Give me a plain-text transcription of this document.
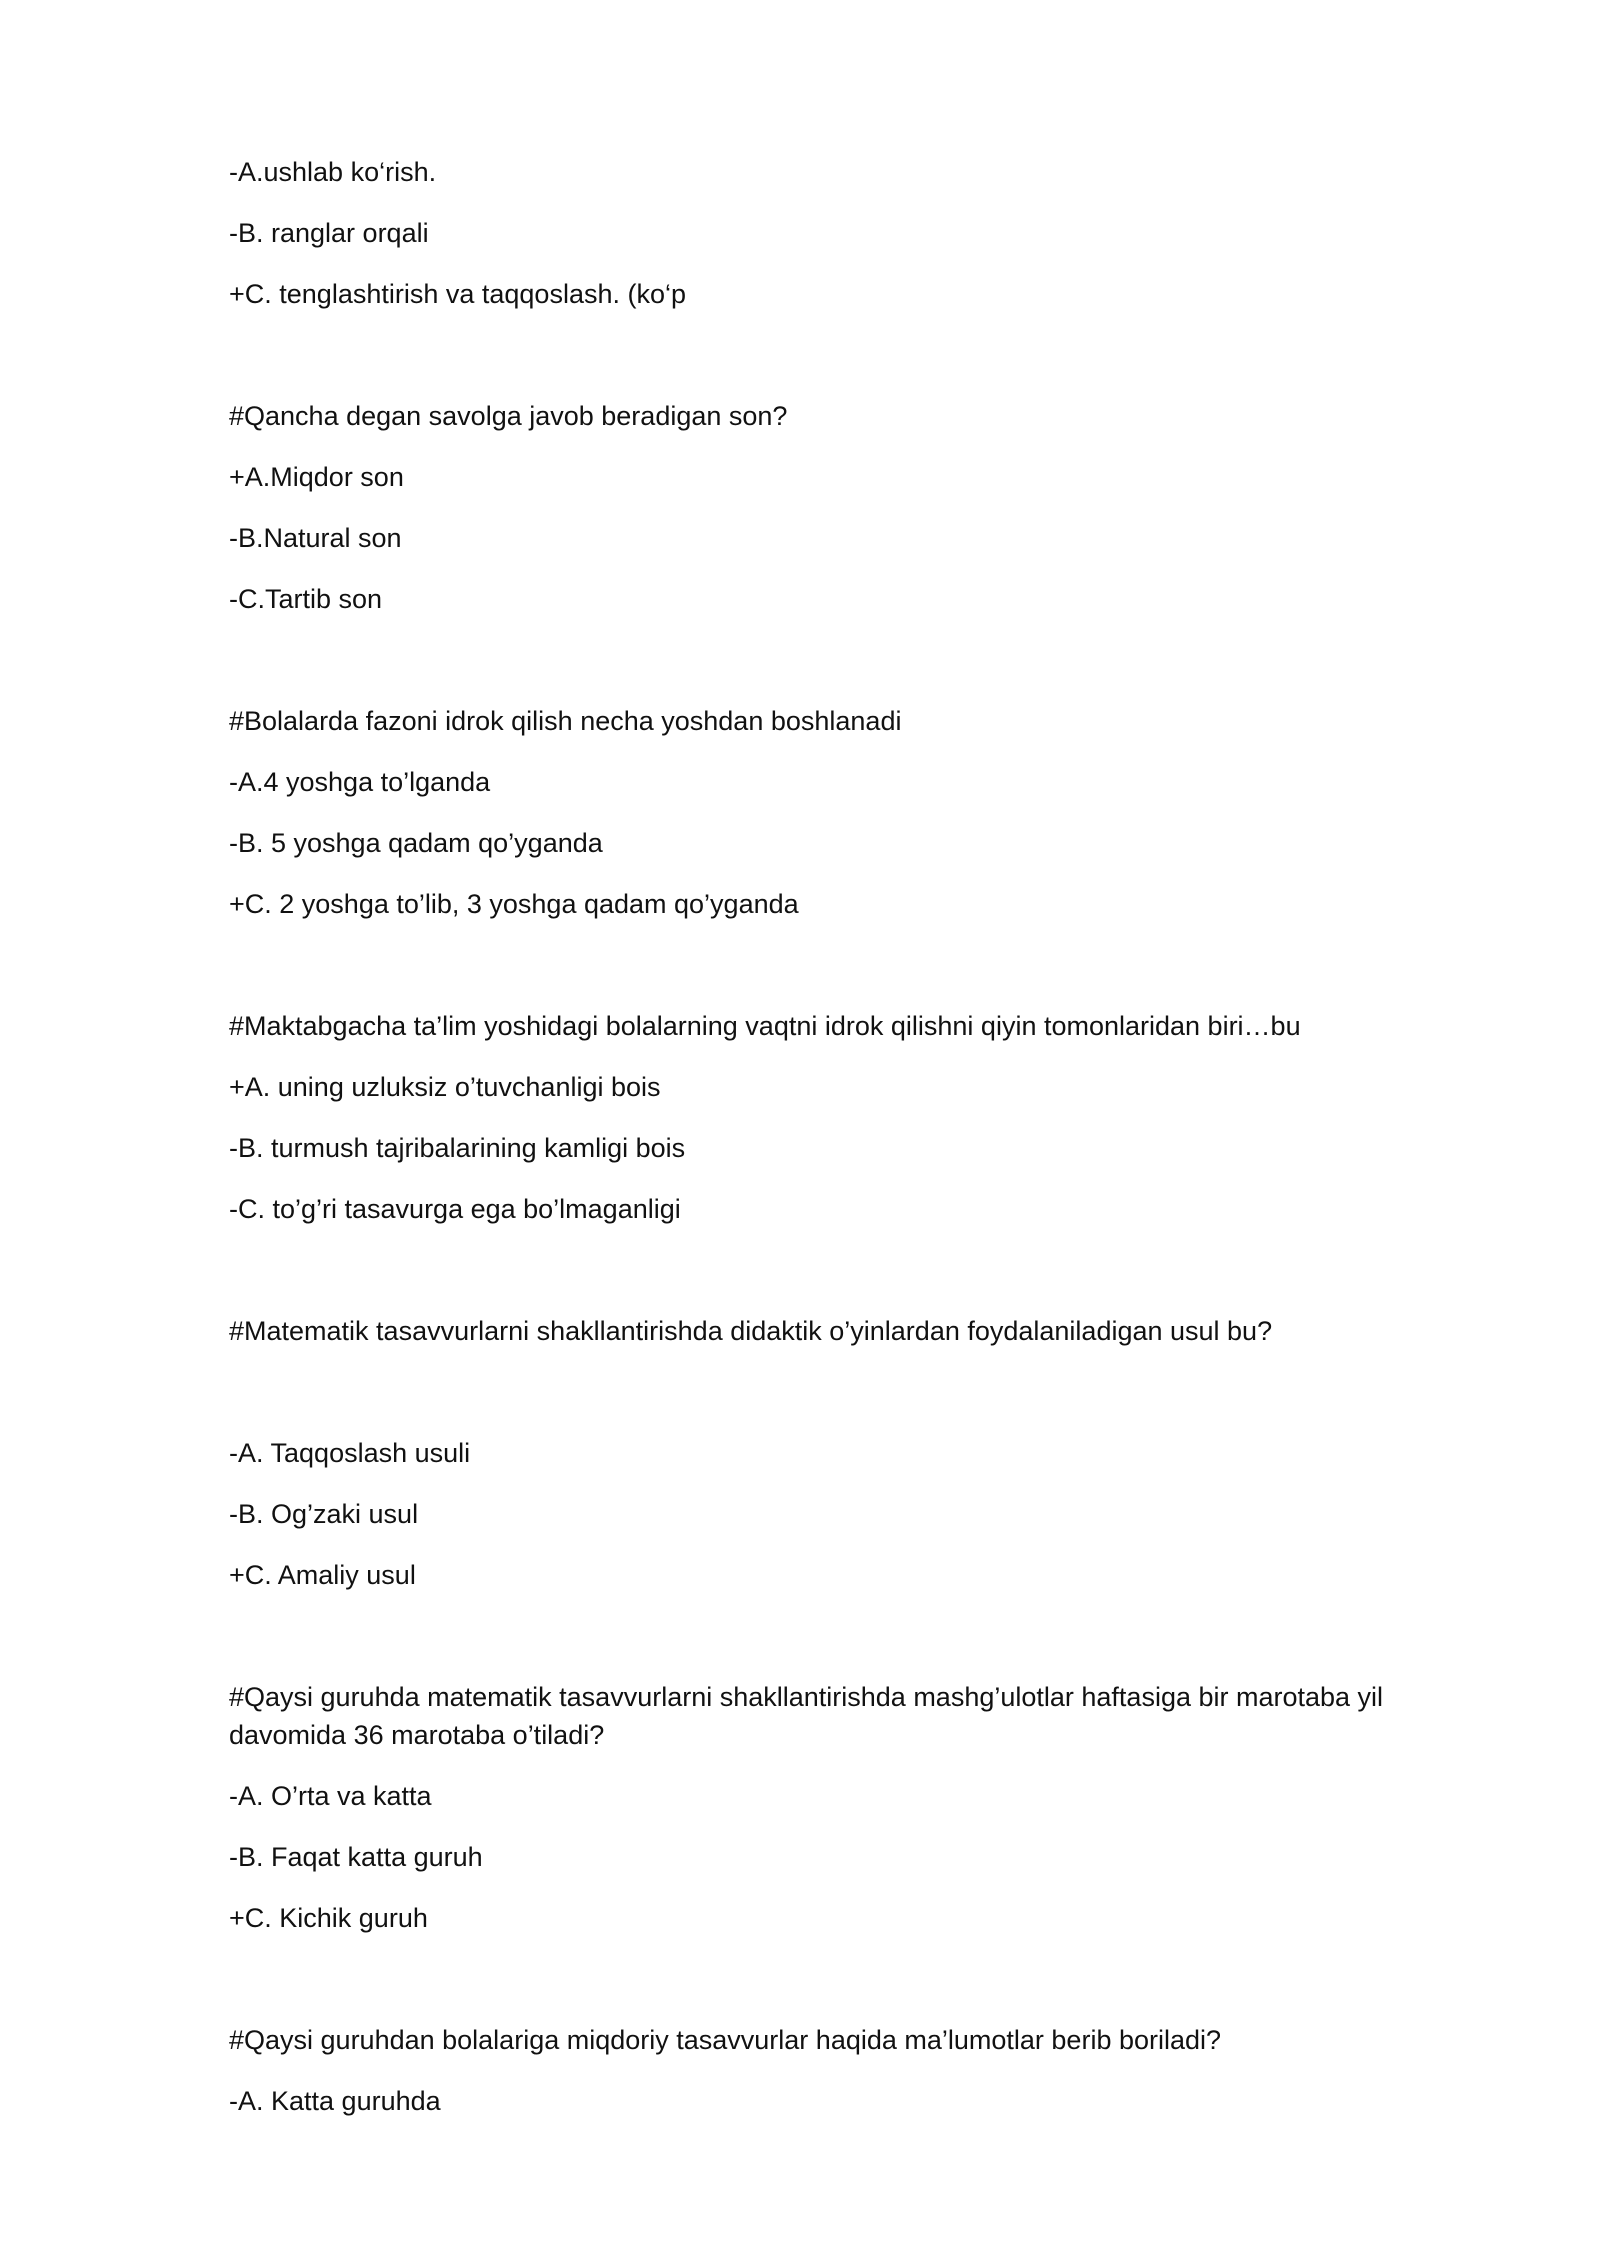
-A.ushlab ko‘rish.
-B. ranglar orqali
+C. tenglashtirish va taqqoslash. (ko‘p
#Qancha degan savolga javob beradigan son?
+A.Miqdor son
-B.Natural son
-C.Tartib son
#Bolalarda fazoni idrok qilish necha yoshdan boshlanadi
-A.4 yoshga to’lganda
-B. 5 yoshga qadam qo’yganda
+C. 2 yoshga to’lib, 3 yoshga qadam qo’yganda
#Maktabgacha ta’lim yoshidagi bolalarning vaqtni idrok qilishni qiyin tomonlaridan biri…bu
+A. uning uzluksiz o’tuvchanligi bois
-B. turmush tajribalarining kamligi bois
-C. to’g’ri tasavurga ega bo’lmaganligi
#Matematik tasavvurlarni shakllantirishda didaktik o’yinlardan foydalaniladigan usul bu?
-A. Taqqoslash usuli
-B. Og’zaki usul
+C. Amaliy usul
#Qaysi guruhda matematik tasavvurlarni shakllantirishda mashg’ulotlar haftasiga bir marotaba yil davomida 36 marotaba o’tiladi?
-A. O’rta va katta
-B. Faqat katta guruh
+C. Kichik guruh
#Qaysi guruhdan bolalariga miqdoriy tasavvurlar haqida ma’lumotlar berib boriladi?
-A. Katta guruhda
